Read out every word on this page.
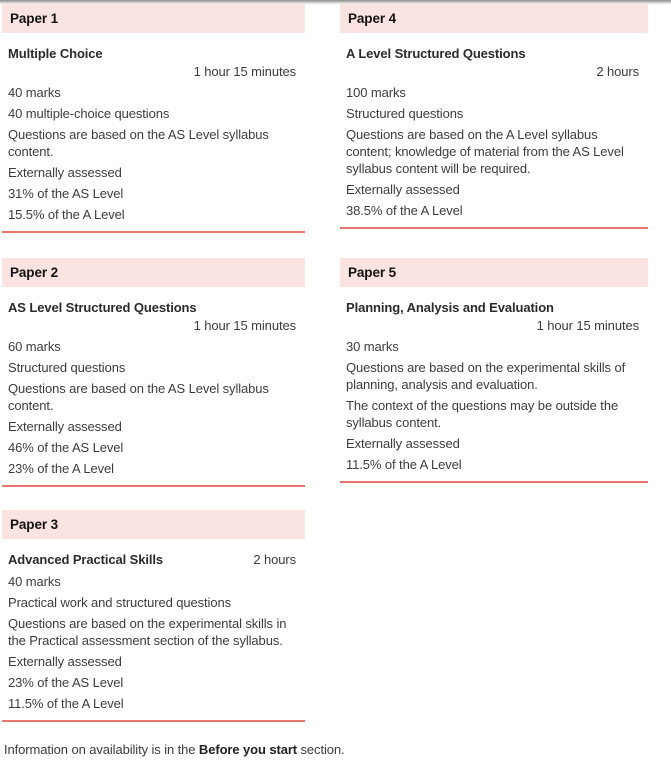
Paper 1
Multiple Choice
1 hour 15 minutes

40 marks

40 multiple-choice questions

Questions are based on the AS Level syllabus content.

Externally assessed

31% of the AS Level

15.5% of the A Level

Paper 2
AS Level Structured Questions
1 hour 15 minutes

60 marks

Structured questions

Questions are based on the AS Level syllabus content.

Externally assessed

46% of the AS Level

23% of the A Level

Paper 3
Advanced Practical Skills	2 hours

40 marks

Practical work and structured questions

Questions are based on the experimental skills in the Practical assessment section of the syllabus.

Externally assessed

23% of the AS Level

11.5% of the A Level

Paper 4
A Level Structured Questions
2 hours

100 marks

Structured questions

Questions are based on the A Level syllabus content; knowledge of material from the AS Level syllabus content will be required.

Externally assessed

38.5% of the A Level

Paper 5
Planning, Analysis and Evaluation
1 hour 15 minutes

30 marks

Questions are based on the experimental skills of planning, analysis and evaluation.

The context of the questions may be outside the syllabus content.

Externally assessed

11.5% of the A Level

Information on availability is in the Before you start section.
